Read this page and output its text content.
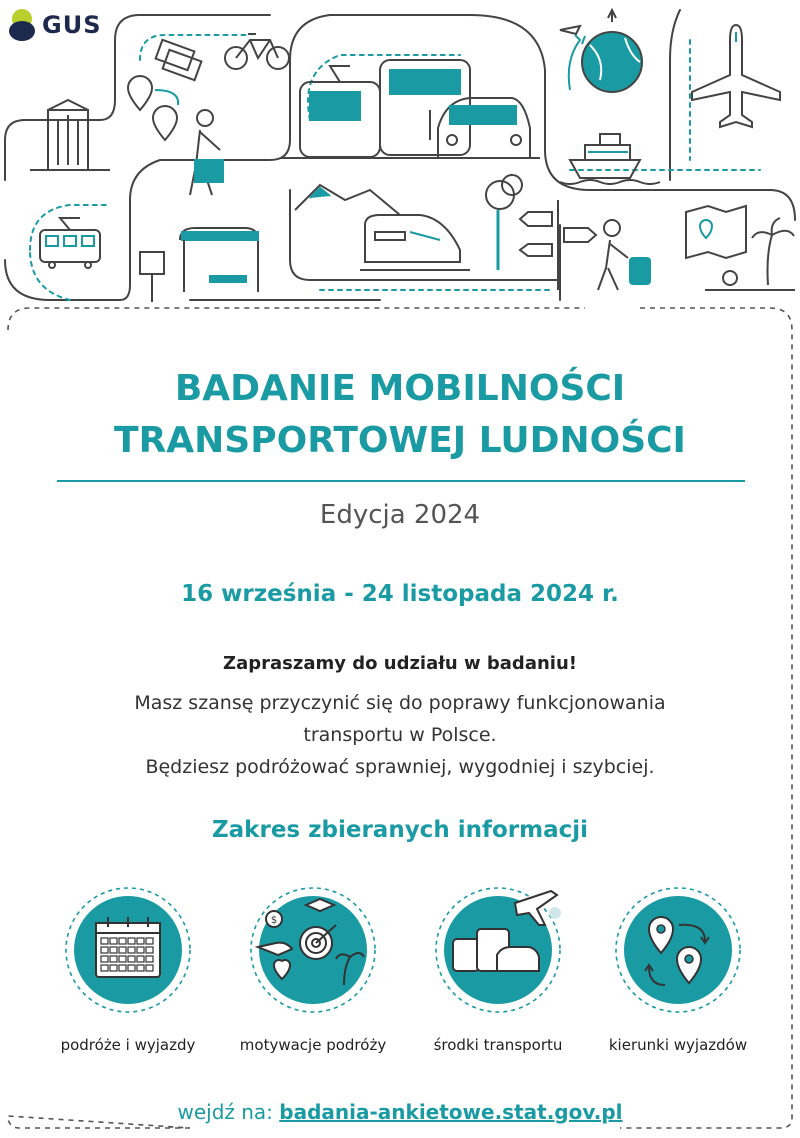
GUS
BADANIE MOBILNOŚCI
TRANSPORTOWEJ LUDNOŚCI
Edycja 2024
16 września - 24 listopada 2024 r.
Zapraszamy do udziału w badaniu!
Masz szansę przyczynić się do poprawy funkcjonowania
transportu w Polsce.
Będziesz podróżować sprawniej, wygodniej i szybciej.
Zakres zbieranych informacji
podróże i wyjazdy
$
motywacje podróży	środki transportu	kierunki wyjazdów
wejdź na: badania-ankietowe.stat.gov.pl
